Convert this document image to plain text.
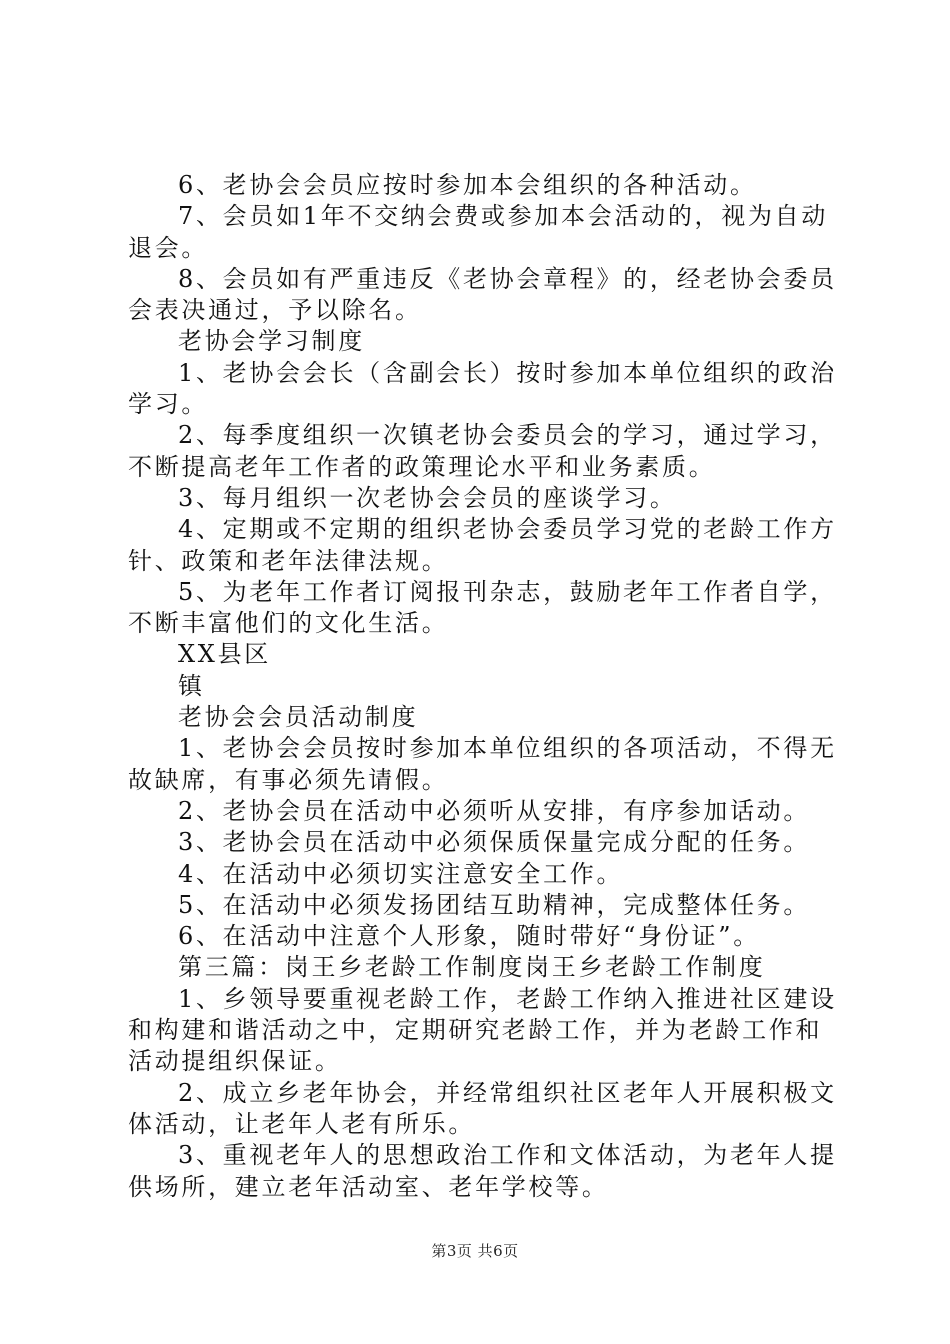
6、老协会会员应按时参加本会组织的各种活动。

7、会员如1年不交纳会费或参加本会活动的，视为自动退会。

8、会员如有严重违反《老协会章程》的，经老协会委员会表决通过，予以除名。

老协会学习制度

1、老协会会长（含副会长）按时参加本单位组织的政治学习。

2、每季度组织一次镇老协会委员会的学习，通过学习，不断提高老年工作者的政策理论水平和业务素质。

3、每月组织一次老协会会员的座谈学习。

4、定期或不定期的组织老协会委员学习党的老龄工作方针、政策和老年法律法规。

5、为老年工作者订阅报刊杂志，鼓励老年工作者自学，不断丰富他们的文化生活。

XX县区

镇

老协会会员活动制度

1、老协会会员按时参加本单位组织的各项活动，不得无故缺席，有事必须先请假。

2、老协会员在活动中必须听从安排，有序参加话动。

3、老协会员在活动中必须保质保量完成分配的任务。

4、在活动中必须切实注意安全工作。

5、在活动中必须发扬团结互助精神，完成整体任务。

6、在活动中注意个人形象，随时带好“身份证”。

第三篇：岗王乡老龄工作制度岗王乡老龄工作制度

1、乡领导要重视老龄工作，老龄工作纳入推进社区建设和构建和谐活动之中，定期研究老龄工作，并为老龄工作和活动提组织保证。

2、成立乡老年协会，并经常组织社区老年人开展积极文体活动，让老年人老有所乐。

3、重视老年人的思想政治工作和文体活动，为老年人提供场所，建立老年活动室、老年学校等。

第3页 共6页
